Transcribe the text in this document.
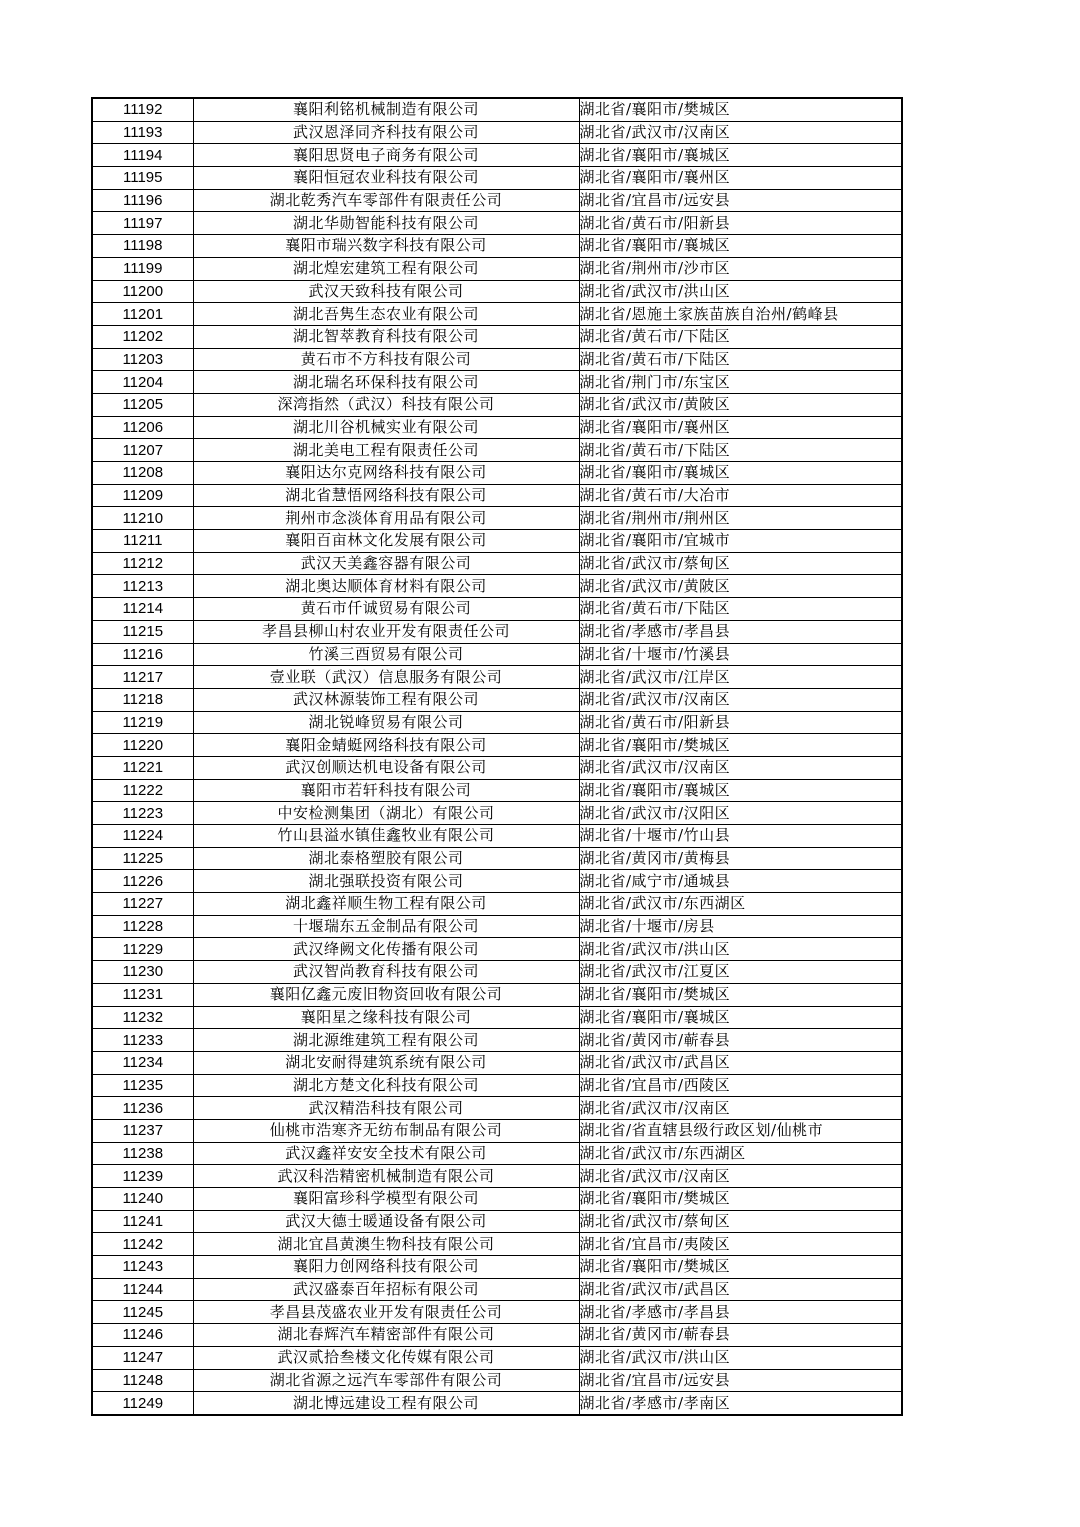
11192	襄阳利铭机械制造有限公司	湖北省/襄阳市/樊城区
11193	武汉恩泽同齐科技有限公司	湖北省/武汉市/汉南区
11194	襄阳思贤电子商务有限公司	湖北省/襄阳市/襄城区
11195	襄阳恒冠农业科技有限公司	湖北省/襄阳市/襄州区
11196	湖北乾秀汽车零部件有限责任公司	湖北省/宜昌市/远安县
11197	湖北华勋智能科技有限公司	湖北省/黄石市/阳新县
11198	襄阳市瑞兴数字科技有限公司	湖北省/襄阳市/襄城区
11199	湖北煌宏建筑工程有限公司	湖北省/荆州市/沙市区
11200	武汉天致科技有限公司	湖北省/武汉市/洪山区
11201	湖北吾隽生态农业有限公司	湖北省/恩施土家族苗族自治州/鹤峰县
11202	湖北智萃教育科技有限公司	湖北省/黄石市/下陆区
11203	黄石市不方科技有限公司	湖北省/黄石市/下陆区
11204	湖北瑞名环保科技有限公司	湖北省/荆门市/东宝区
11205	深湾指然（武汉）科技有限公司	湖北省/武汉市/黄陂区
11206	湖北川谷机械实业有限公司	湖北省/襄阳市/襄州区
11207	湖北美电工程有限责任公司	湖北省/黄石市/下陆区
11208	襄阳达尔克网络科技有限公司	湖北省/襄阳市/襄城区
11209	湖北省慧悟网络科技有限公司	湖北省/黄石市/大冶市
11210	荆州市念淡体育用品有限公司	湖北省/荆州市/荆州区
11211	襄阳百亩林文化发展有限公司	湖北省/襄阳市/宜城市
11212	武汉天美鑫容器有限公司	湖北省/武汉市/蔡甸区
11213	湖北奥达顺体育材料有限公司	湖北省/武汉市/黄陂区
11214	黄石市仟诚贸易有限公司	湖北省/黄石市/下陆区
11215	孝昌县柳山村农业开发有限责任公司	湖北省/孝感市/孝昌县
11216	竹溪三酉贸易有限公司	湖北省/十堰市/竹溪县
11217	壹业联（武汉）信息服务有限公司	湖北省/武汉市/江岸区
11218	武汉林源装饰工程有限公司	湖北省/武汉市/汉南区
11219	湖北锐峰贸易有限公司	湖北省/黄石市/阳新县
11220	襄阳金蜻蜓网络科技有限公司	湖北省/襄阳市/樊城区
11221	武汉创顺达机电设备有限公司	湖北省/武汉市/汉南区
11222	襄阳市若轩科技有限公司	湖北省/襄阳市/襄城区
11223	中安检测集团（湖北）有限公司	湖北省/武汉市/汉阳区
11224	竹山县溢水镇佳鑫牧业有限公司	湖北省/十堰市/竹山县
11225	湖北泰格塑胶有限公司	湖北省/黄冈市/黄梅县
11226	湖北强联投资有限公司	湖北省/咸宁市/通城县
11227	湖北鑫祥顺生物工程有限公司	湖北省/武汉市/东西湖区
11228	十堰瑞东五金制品有限公司	湖北省/十堰市/房县
11229	武汉绛阙文化传播有限公司	湖北省/武汉市/洪山区
11230	武汉智尚教育科技有限公司	湖北省/武汉市/江夏区
11231	襄阳亿鑫元废旧物资回收有限公司	湖北省/襄阳市/樊城区
11232	襄阳星之缘科技有限公司	湖北省/襄阳市/襄城区
11233	湖北源维建筑工程有限公司	湖北省/黄冈市/蕲春县
11234	湖北安耐得建筑系统有限公司	湖北省/武汉市/武昌区
11235	湖北方楚文化科技有限公司	湖北省/宜昌市/西陵区
11236	武汉精浩科技有限公司	湖北省/武汉市/汉南区
11237	仙桃市浩寒齐无纺布制品有限公司	湖北省/省直辖县级行政区划/仙桃市
11238	武汉鑫祥安安全技术有限公司	湖北省/武汉市/东西湖区
11239	武汉科浩精密机械制造有限公司	湖北省/武汉市/汉南区
11240	襄阳富珍科学模型有限公司	湖北省/襄阳市/樊城区
11241	武汉大德士暖通设备有限公司	湖北省/武汉市/蔡甸区
11242	湖北宜昌黄澳生物科技有限公司	湖北省/宜昌市/夷陵区
11243	襄阳力创网络科技有限公司	湖北省/襄阳市/樊城区
11244	武汉盛泰百年招标有限公司	湖北省/武汉市/武昌区
11245	孝昌县茂盛农业开发有限责任公司	湖北省/孝感市/孝昌县
11246	湖北春辉汽车精密部件有限公司	湖北省/黄冈市/蕲春县
11247	武汉贰拾叁楼文化传媒有限公司	湖北省/武汉市/洪山区
11248	湖北省源之远汽车零部件有限公司	湖北省/宜昌市/远安县
11249	湖北博远建设工程有限公司	湖北省/孝感市/孝南区
